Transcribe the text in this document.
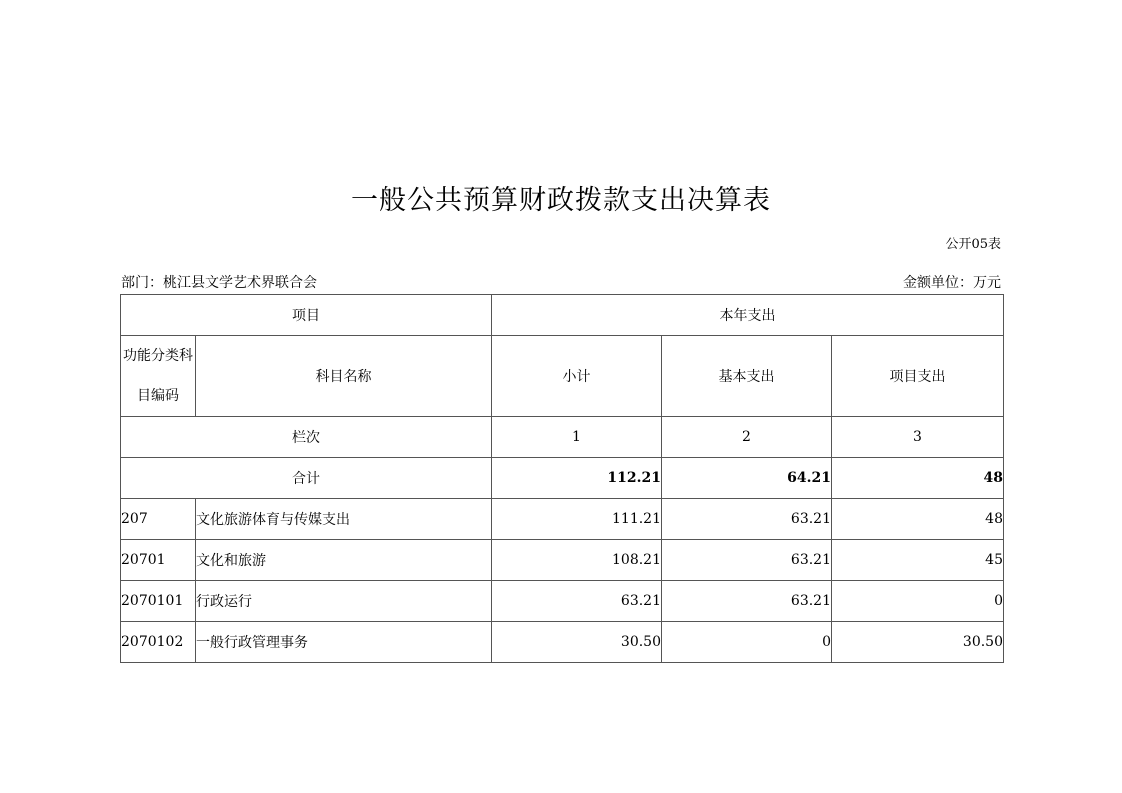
一般公共预算财政拨款支出决算表
公开05表
部门：桃江县文学艺术界联合会	金额单位：万元
项目		本年支出		
功能分类科目编码	科目名称	小计	基本支出	项目支出
栏次		1	2	3
合计		112.21	64.21	48
207	文化旅游体育与传媒支出	111.21	63.21	48
20701	文化和旅游	108.21	63.21	45
2070101	行政运行	63.21	63.21	0
2070102	一般行政管理事务	30.50	0	30.50
